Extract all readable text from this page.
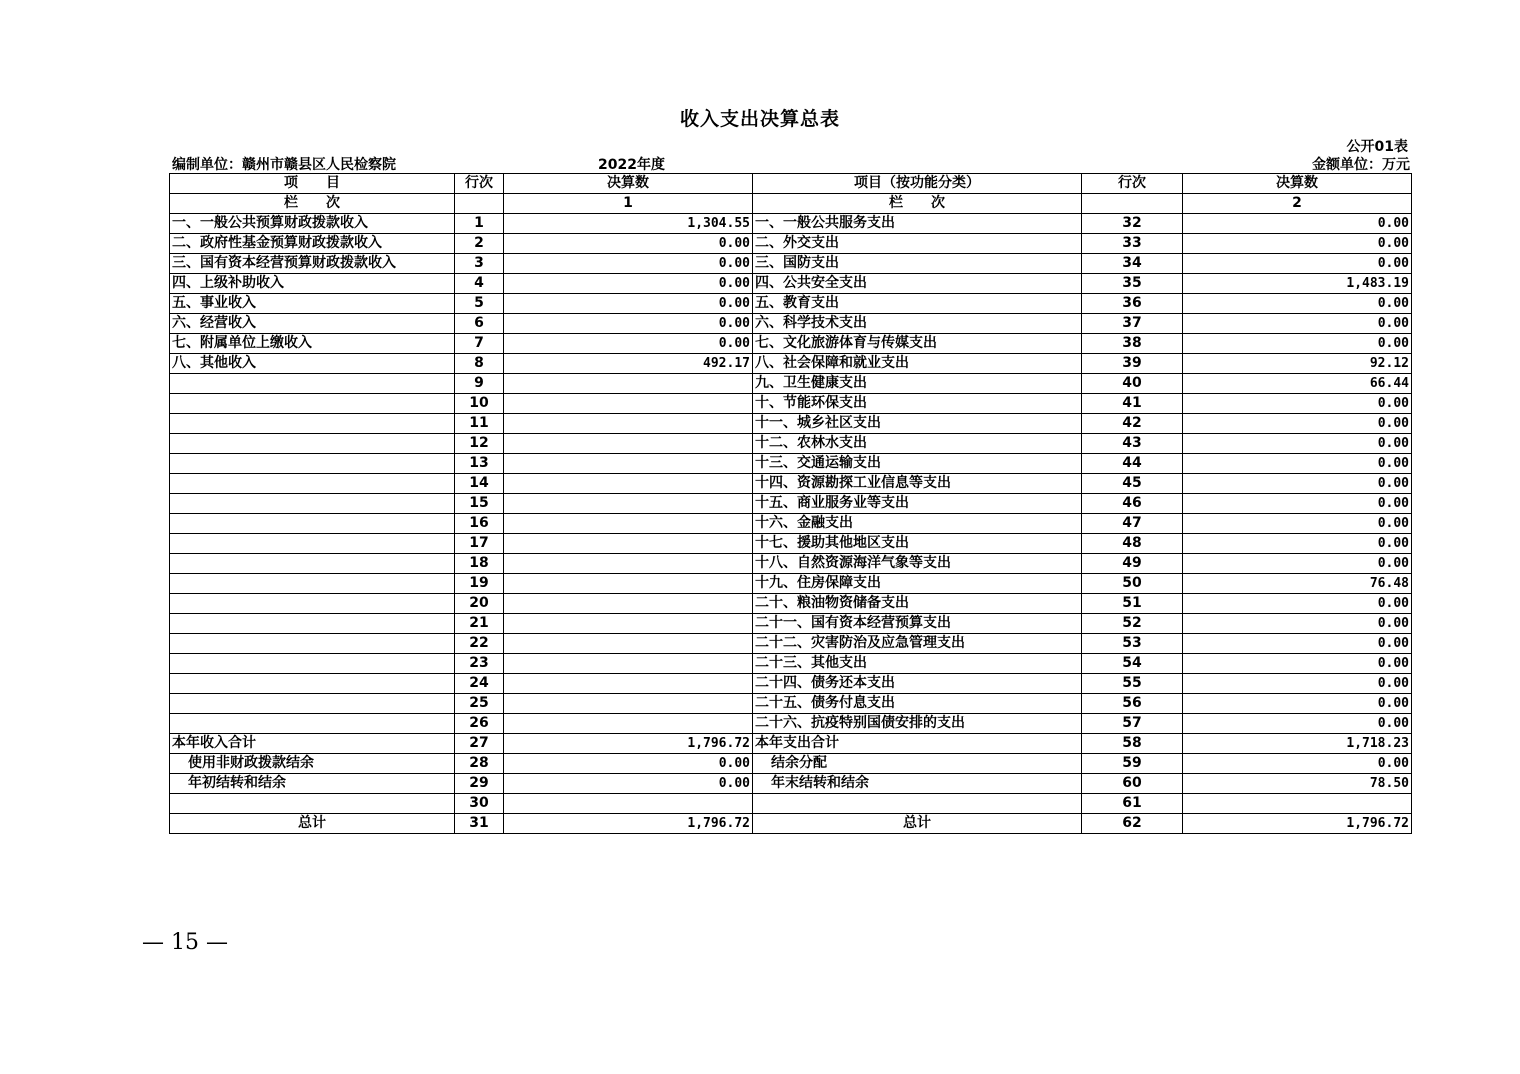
收入支出决算总表
公开01表
编制单位：赣州市赣县区人民检察院	2022年度	金额单位：万元
项　　目	行次	决算数	项目（按功能分类）	行次	决算数
栏　　次		1	栏　　次		2
一、一般公共预算财政拨款收入	1	1,304.55	一、一般公共服务支出	32	0.00
二、政府性基金预算财政拨款收入	2	0.00	二、外交支出	33	0.00
三、国有资本经营预算财政拨款收入	3	0.00	三、国防支出	34	0.00
四、上级补助收入	4	0.00	四、公共安全支出	35	1,483.19
五、事业收入	5	0.00	五、教育支出	36	0.00
六、经营收入	6	0.00	六、科学技术支出	37	0.00
七、附属单位上缴收入	7	0.00	七、文化旅游体育与传媒支出	38	0.00
八、其他收入	8	492.17	八、社会保障和就业支出	39	92.12
	9		九、卫生健康支出	40	66.44
	10		十、节能环保支出	41	0.00
	11		十一、城乡社区支出	42	0.00
	12		十二、农林水支出	43	0.00
	13		十三、交通运输支出	44	0.00
	14		十四、资源勘探工业信息等支出	45	0.00
	15		十五、商业服务业等支出	46	0.00
	16		十六、金融支出	47	0.00
	17		十七、援助其他地区支出	48	0.00
	18		十八、自然资源海洋气象等支出	49	0.00
	19		十九、住房保障支出	50	76.48
	20		二十、粮油物资储备支出	51	0.00
	21		二十一、国有资本经营预算支出	52	0.00
	22		二十二、灾害防治及应急管理支出	53	0.00
	23		二十三、其他支出	54	0.00
	24		二十四、债务还本支出	55	0.00
	25		二十五、债务付息支出	56	0.00
	26		二十六、抗疫特别国债安排的支出	57	0.00
本年收入合计	27	1,796.72	本年支出合计	58	1,718.23
使用非财政拨款结余	28	0.00	结余分配	59	0.00
年初结转和结余	29	0.00	年末结转和结余	60	78.50
	30			61	
总计	31	1,796.72	总计	62	1,796.72
— 15 —
